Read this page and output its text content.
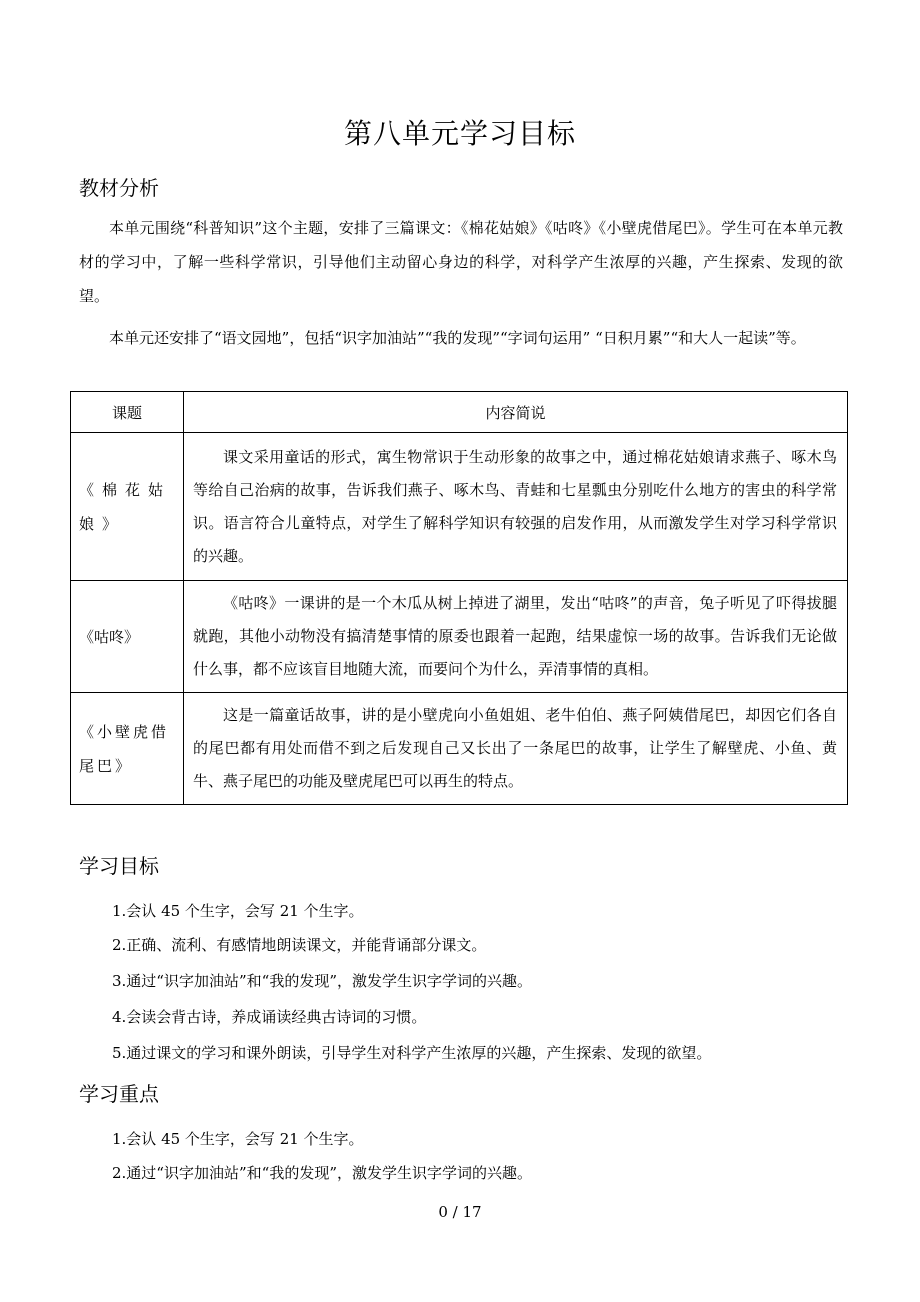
第八单元学习目标
教材分析
本单元围绕“科普知识”这个主题，安排了三篇课文：《棉花姑娘》《咕咚》《小壁虎借尾巴》。学生可在本单元教材的学习中，了解一些科学常识，引导他们主动留心身边的科学，对科学产生浓厚的兴趣，产生探索、发现的欲望。
本单元还安排了“语文园地”，包括“识字加油站”“我的发现”“字词句运用” “日积月累”“和大人一起读”等。
课题	内容简说
《棉花姑娘》	课文采用童话的形式，寓生物常识于生动形象的故事之中，通过棉花姑娘请求燕子、啄木鸟等给自己治病的故事，告诉我们燕子、啄木鸟、青蛙和七星瓢虫分别吃什么地方的害虫的科学常识。语言符合儿童特点，对学生了解科学知识有较强的启发作用，从而激发学生对学习科学常识的兴趣。
《咕咚》	《咕咚》一课讲的是一个木瓜从树上掉进了湖里，发出“咕咚”的声音，兔子听见了吓得拔腿就跑，其他小动物没有搞清楚事情的原委也跟着一起跑，结果虚惊一场的故事。告诉我们无论做什么事，都不应该盲目地随大流，而要问个为什么，弄清事情的真相。
《小壁虎借尾巴》	这是一篇童话故事，讲的是小壁虎向小鱼姐姐、老牛伯伯、燕子阿姨借尾巴，却因它们各自的尾巴都有用处而借不到之后发现自己又长出了一条尾巴的故事，让学生了解壁虎、小鱼、黄牛、燕子尾巴的功能及壁虎尾巴可以再生的特点。
学习目标
1.会认 45 个生字，会写 21 个生字。
2.正确、流利、有感情地朗读课文，并能背诵部分课文。
3.通过“识字加油站”和“我的发现”，激发学生识字学词的兴趣。
4.会读会背古诗，养成诵读经典古诗词的习惯。
5.通过课文的学习和课外朗读，引导学生对科学产生浓厚的兴趣，产生探索、发现的欲望。
学习重点
1.会认 45 个生字，会写 21 个生字。
2.通过“识字加油站”和“我的发现”，激发学生识字学词的兴趣。
0 / 17
